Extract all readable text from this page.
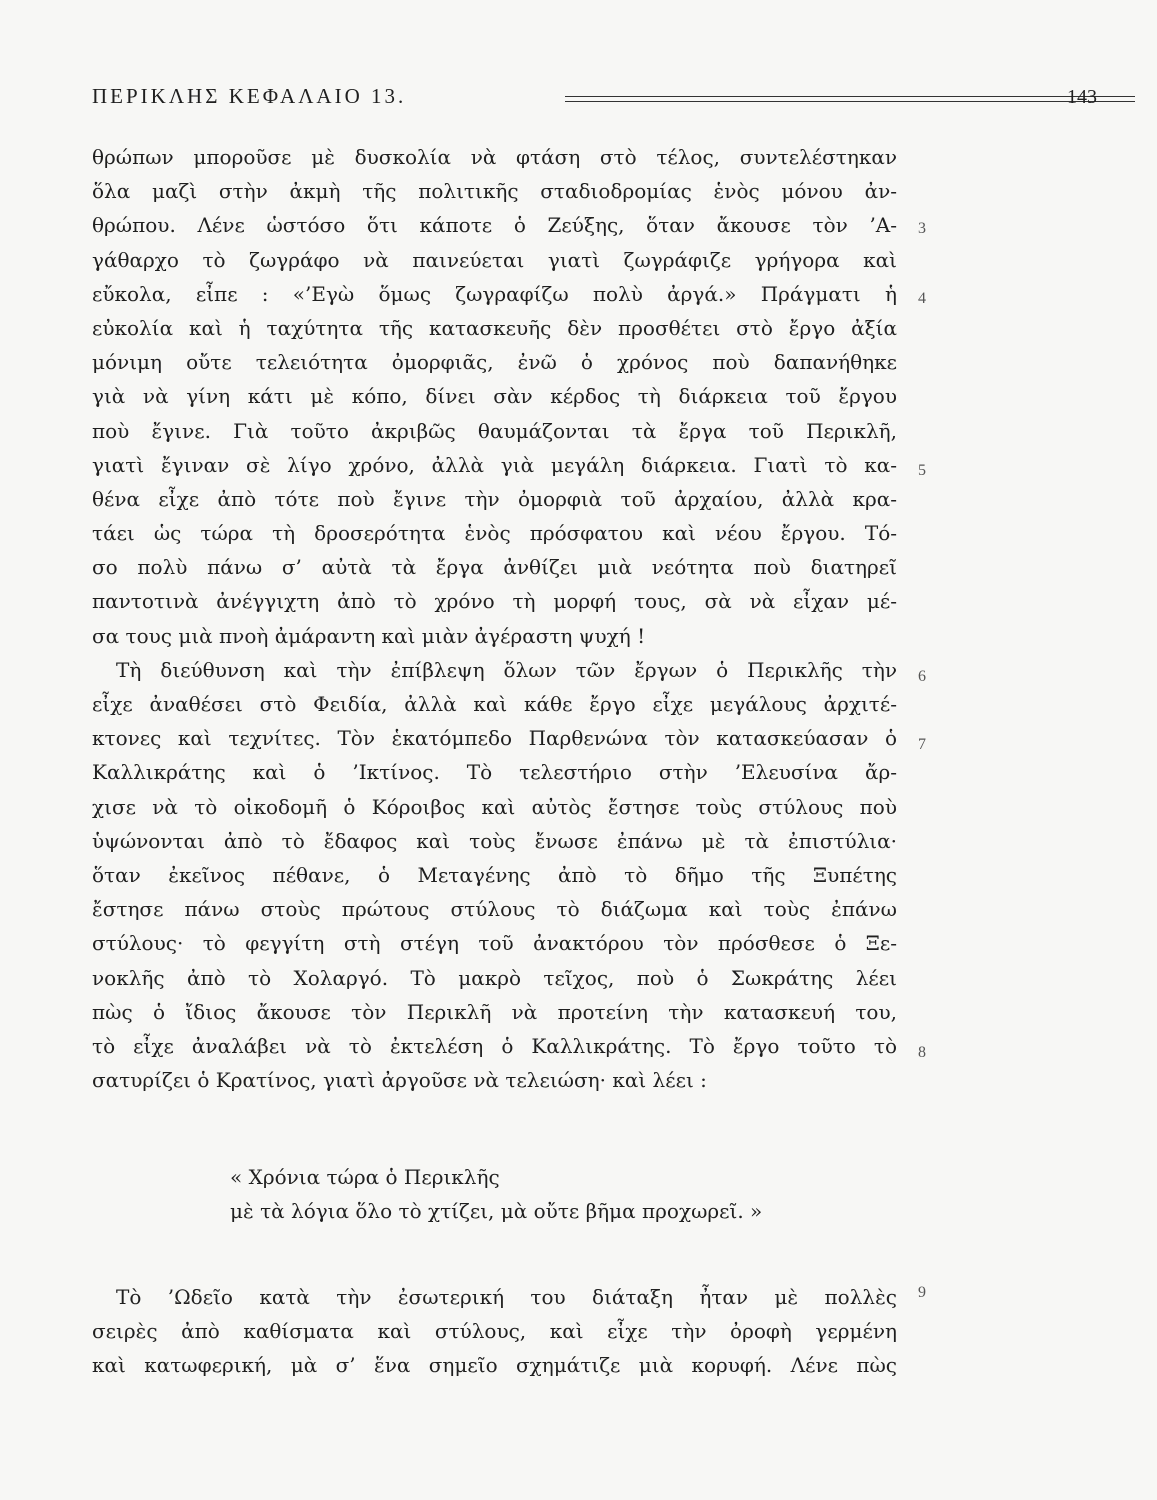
ΠΕΡΙΚΛΗΣ ΚΕΦΑΛΑΙΟ 13.	143
θρώπων μποροῦσε μὲ δυσκολία νὰ φτάση στὸ τέλος, συντελέστηκαν
ὅλα μαζὶ στὴν ἀκμὴ τῆς πολιτικῆς σταδιοδρομίας ἑνὸς μόνου ἀν-
θρώπου. Λένε ὡστόσο ὅτι κάποτε ὁ Ζεύξης, ὅταν ἄκουσε τὸν ’Α-
γάθαρχο τὸ ζωγράφο νὰ παινεύεται γιατὶ ζωγράφιζε γρήγορα καὶ
εὔκολα, εἶπε : «’Εγὼ ὅμως ζωγραφίζω πολὺ ἀργά.» Πράγματι ἡ
εὐκολία καὶ ἡ ταχύτητα τῆς κατασκευῆς δὲν προσθέτει στὸ ἔργο ἀξία
μόνιμη οὔτε τελειότητα ὀμορφιᾶς, ἐνῶ ὁ χρόνος ποὺ δαπανήθηκε
γιὰ νὰ γίνη κάτι μὲ κόπο, δίνει σὰν κέρδος τὴ διάρκεια τοῦ ἔργου
ποὺ ἔγινε. Γιὰ τοῦτο ἀκριβῶς θαυμάζονται τὰ ἔργα τοῦ Περικλῆ,
γιατὶ ἔγιναν σὲ λίγο χρόνο, ἀλλὰ γιὰ μεγάλη διάρκεια. Γιατὶ τὸ κα-
θένα εἶχε ἀπὸ τότε ποὺ ἔγινε τὴν ὀμορφιὰ τοῦ ἀρχαίου, ἀλλὰ κρα-
τάει ὡς τώρα τὴ δροσερότητα ἑνὸς πρόσφατου καὶ νέου ἔργου. Τό-
σο πολὺ πάνω σ’ αὐτὰ τὰ ἔργα ἀνθίζει μιὰ νεότητα ποὺ διατηρεῖ
παντοτινὰ ἀνέγγιχτη ἀπὸ τὸ χρόνο τὴ μορφή τους, σὰ νὰ εἶχαν μέ-
σα τους μιὰ πνοὴ ἀμάραντη καὶ μιὰν ἀγέραστη ψυχή !
Τὴ διεύθυνση καὶ τὴν ἐπίβλεψη ὅλων τῶν ἔργων ὁ Περικλῆς τὴν
εἶχε ἀναθέσει στὸ Φειδία, ἀλλὰ καὶ κάθε ἔργο εἶχε μεγάλους ἀρχιτέ-
κτονες καὶ τεχνίτες. Τὸν ἑκατόμπεδο Παρθενώνα τὸν κατασκεύασαν ὁ
Καλλικράτης καὶ ὁ ’Ικτίνος. Τὸ τελεστήριο στὴν ’Ελευσίνα ἄρ-
χισε νὰ τὸ οἰκοδομῆ ὁ Κόροιβος καὶ αὐτὸς ἔστησε τοὺς στύλους ποὺ
ὑψώνονται ἀπὸ τὸ ἔδαφος καὶ τοὺς ἔνωσε ἐπάνω μὲ τὰ ἐπιστύλια·
ὅταν ἐκεῖνος πέθανε, ὁ Μεταγένης ἀπὸ τὸ δῆμο τῆς Ξυπέτης
ἔστησε πάνω στοὺς πρώτους στύλους τὸ διάζωμα καὶ τοὺς ἐπάνω
στύλους· τὸ φεγγίτη στὴ στέγη τοῦ ἀνακτόρου τὸν πρόσθεσε ὁ Ξε-
νοκλῆς ἀπὸ τὸ Χολαργό. Τὸ μακρὸ τεῖχος, ποὺ ὁ Σωκράτης λέει
πὼς ὁ ἴδιος ἄκουσε τὸν Περικλῆ νὰ προτείνη τὴν κατασκευή του,
τὸ εἶχε ἀναλάβει νὰ τὸ ἐκτελέση ὁ Καλλικράτης. Τὸ ἔργο τοῦτο τὸ
σατυρίζει ὁ Κρατίνος, γιατὶ ἀργοῦσε νὰ τελειώση· καὶ λέει :
3
4
5
6
7
8
9
« Χρόνια τώρα ὁ Περικλῆς
μὲ τὰ λόγια ὅλο τὸ χτίζει, μὰ οὔτε βῆμα προχωρεῖ. »
Τὸ ’Ωδεῖο κατὰ τὴν ἐσωτερική του διάταξη ἦταν μὲ πολλὲς
σειρὲς ἀπὸ καθίσματα καὶ στύλους, καὶ εἶχε τὴν ὀροφὴ γερμένη
καὶ κατωφερική, μὰ σ’ ἕνα σημεῖο σχημάτιζε μιὰ κορυφή. Λένε πὼς
